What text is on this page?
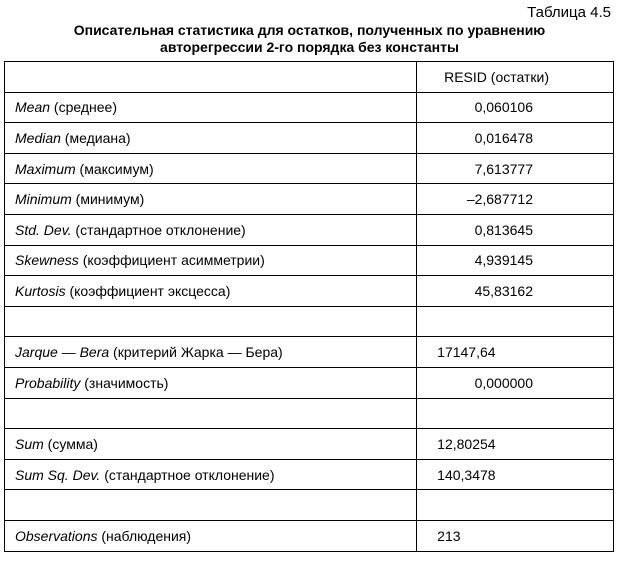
Таблица 4.5
Описательная статистика для остатков, полученных по уравнению
авторегрессии 2-го порядка без константы

	RESID (остатки)

Mean (среднее)	0,060106

Median (медиана)	0,016478

Maximum (максимум)	7,613777

Minimum (минимум)	–2,687712

Std. Dev. (стандартное отклонение)	0,813645

Skewness (коэффициент асимметрии)	4,939145

Kurtosis (коэффициент эксцесса)	45,83162

Jarque — Bera (критерий Жарка — Бера)	17147,64

Probability (значимость)	0,000000

Sum (сумма)	12,80254

Sum Sq. Dev. (стандартное отклонение)	140,3478

Observations (наблюдения)	213
